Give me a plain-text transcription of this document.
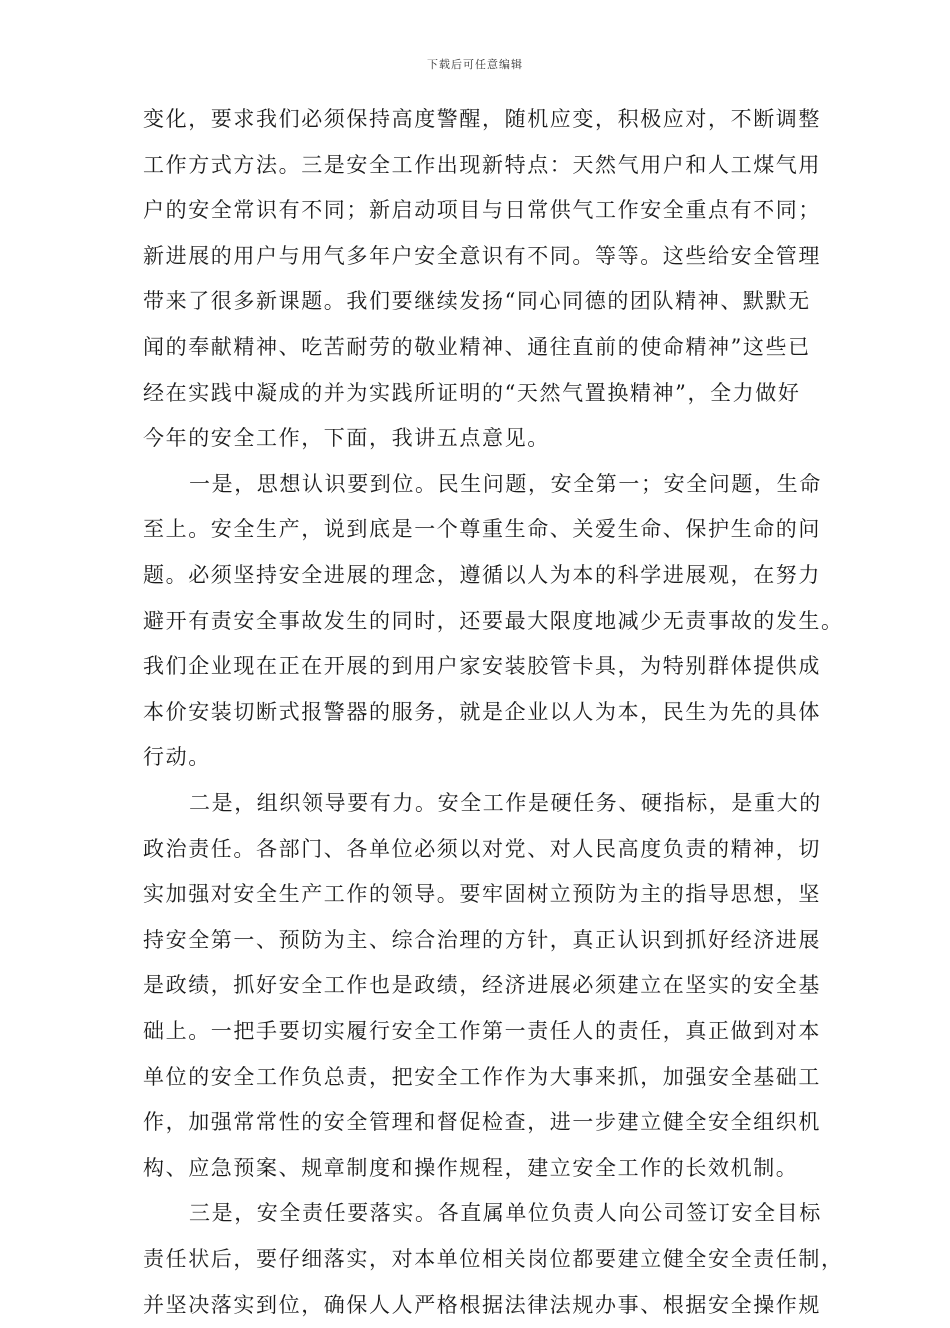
下载后可任意编辑
变化，要求我们必须保持高度警醒，随机应变，积极应对，不断调整
工作方式方法。三是安全工作出现新特点：天然气用户和人工煤气用
户的安全常识有不同；新启动项目与日常供气工作安全重点有不同；
新进展的用户与用气多年户安全意识有不同。等等。这些给安全管理
带来了很多新课题。我们要继续发扬“同心同德的团队精神、默默无
闻的奉献精神、吃苦耐劳的敬业精神、通往直前的使命精神”这些已
经在实践中凝成的并为实践所证明的“天然气置换精神”，全力做好
今年的安全工作，下面，我讲五点意见。
一是，思想认识要到位。民生问题，安全第一；安全问题，生命
至上。安全生产，说到底是一个尊重生命、关爱生命、保护生命的问
题。必须坚持安全进展的理念，遵循以人为本的科学进展观，在努力
避开有责安全事故发生的同时，还要最大限度地减少无责事故的发生。
我们企业现在正在开展的到用户家安装胶管卡具，为特别群体提供成
本价安装切断式报警器的服务，就是企业以人为本，民生为先的具体
行动。
二是，组织领导要有力。安全工作是硬任务、硬指标，是重大的
政治责任。各部门、各单位必须以对党、对人民高度负责的精神，切
实加强对安全生产工作的领导。要牢固树立预防为主的指导思想，坚
持安全第一、预防为主、综合治理的方针，真正认识到抓好经济进展
是政绩，抓好安全工作也是政绩，经济进展必须建立在坚实的安全基
础上。一把手要切实履行安全工作第一责任人的责任，真正做到对本
单位的安全工作负总责，把安全工作作为大事来抓，加强安全基础工
作，加强常常性的安全管理和督促检查，进一步建立健全安全组织机
构、应急预案、规章制度和操作规程，建立安全工作的长效机制。
三是，安全责任要落实。各直属单位负责人向公司签订安全目标
责任状后，要仔细落实，对本单位相关岗位都要建立健全安全责任制，
并坚决落实到位，确保人人严格根据法律法规办事、根据安全操作规
